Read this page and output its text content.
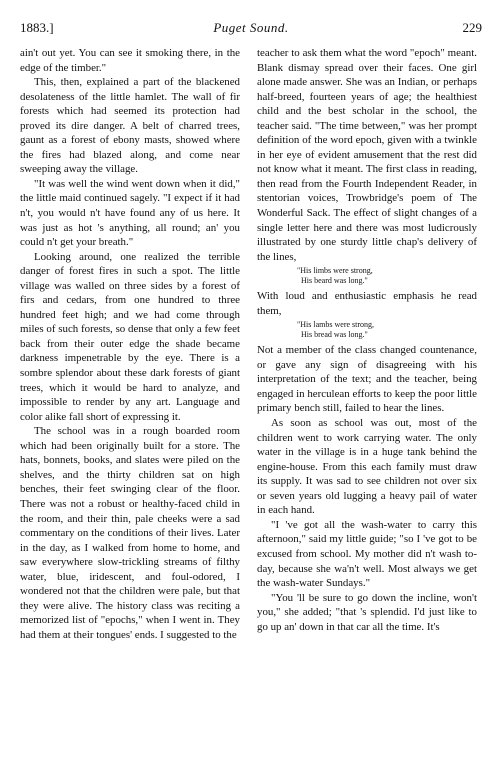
1883.]	Puget Sound.	229

ain't out yet. You can see it smoking there, in the edge of the timber."

This, then, explained a part of the blackened desolateness of the little hamlet. The wall of fir forests which had seemed its protection had proved its dire danger. A belt of charred trees, gaunt as a forest of ebony masts, showed where the fires had blazed along, and come near sweeping away the village.

"It was well the wind went down when it did," the little maid continued sagely. "I expect if it had n't, you would n't have found any of us here. It was just as hot 's anything, all round; an' you could n't get your breath."

Looking around, one realized the terrible danger of forest fires in such a spot. The little village was walled on three sides by a forest of firs and cedars, from one hundred to three hundred feet high; and we had come through miles of such forests, so dense that only a few feet back from their outer edge the shade became darkness impenetrable by the eye. There is a sombre splendor about these dark forests of giant trees, which it would be hard to analyze, and impossible to render by any art. Language and color alike fall short of expressing it.

The school was in a rough boarded room which had been originally built for a store. The hats, bonnets, books, and slates were piled on the shelves, and the thirty children sat on high benches, their feet swinging clear of the floor. There was not a robust or healthy-faced child in the room, and their thin, pale cheeks were a sad commentary on the conditions of their lives. Later in the day, as I walked from home to home, and saw everywhere slow-trickling streams of filthy water, blue, iridescent, and foul-odored, I wondered not that the children were pale, but that they were alive. The history class was reciting a memorized list of "epochs," when I went in. They had them at their tongues' ends. I suggested to the

teacher to ask them what the word "epoch" meant. Blank dismay spread over their faces. One girl alone made answer. She was an Indian, or perhaps half-breed, fourteen years of age; the healthiest child and the best scholar in the school, the teacher said. "The time between," was her prompt definition of the word epoch, given with a twinkle in her eye of evident amusement that the rest did not know what it meant. The first class in reading, then read from the Fourth Independent Reader, in stentorian voices, Trowbridge's poem of The Wonderful Sack. The effect of slight changes of a single letter here and there was most ludicrously illustrated by one sturdy little chap's delivery of the lines,

"His limbs were strong,
His beard was long."

With loud and enthusiastic emphasis he read them,

"His lambs were strong,
His bread was long."

Not a member of the class changed countenance, or gave any sign of disagreeing with his interpretation of the text; and the teacher, being engaged in herculean efforts to keep the poor little primary bench still, failed to hear the lines.

As soon as school was out, most of the children went to work carrying water. The only water in the village is in a huge tank behind the engine-house. From this each family must draw its supply. It was sad to see children not over six or seven years old lugging a heavy pail of water in each hand.

"I 've got all the wash-water to carry this afternoon," said my little guide; "so I 've got to be excused from school. My mother did n't wash to-day, because she wa'n't well. Most always we get the wash-water Sundays."

"You 'll be sure to go down the incline, won't you," she added; "that 's splendid. I'd just like to go up an' down in that car all the time. It's
